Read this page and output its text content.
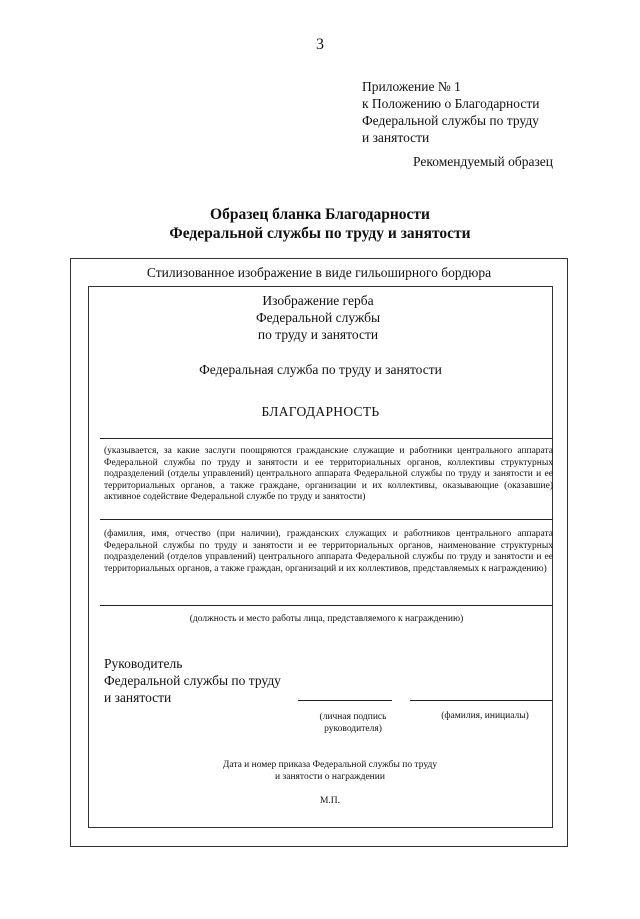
3
Приложение № 1
к Положению о Благодарности
Федеральной службы по труду
и занятости
Рекомендуемый образец
Образец бланка Благодарности
Федеральной службы по труду и занятости
Стилизованное изображение в виде гильоширного бордюра
Изображение герба
Федеральной службы
по труду и занятости
Федеральная служба по труду и занятости
БЛАГОДАРНОСТЬ
(указывается, за какие заслуги поощряются гражданские служащие и работники центрального аппарата Федеральной службы по труду и занятости и ее территориальных органов, коллективы структурных подразделений (отделы управлений) центрального аппарата Федеральной службы по труду и занятости и ее территориальных органов, а также граждане, организации и их коллективы, оказывающие (оказавшие) активное содействие Федеральной службе по труду и занятости)
(фамилия, имя, отчество (при наличии), гражданских служащих и работников центрального аппарата Федеральной службы по труду и занятости и ее территориальных органов, наименование структурных подразделений (отделов управлений) центрального аппарата Федеральной службы по труду и занятости и ее территориальных органов, а также граждан, организаций и их коллективов, представляемых к награждению)
(должность и место работы лица, представляемого к награждению)
Руководитель
Федеральной службы по труду
и занятости
(личная подпись
руководителя)
(фамилия, инициалы)
Дата и номер приказа Федеральной службы по труду
и занятости о награждении
М.П.
